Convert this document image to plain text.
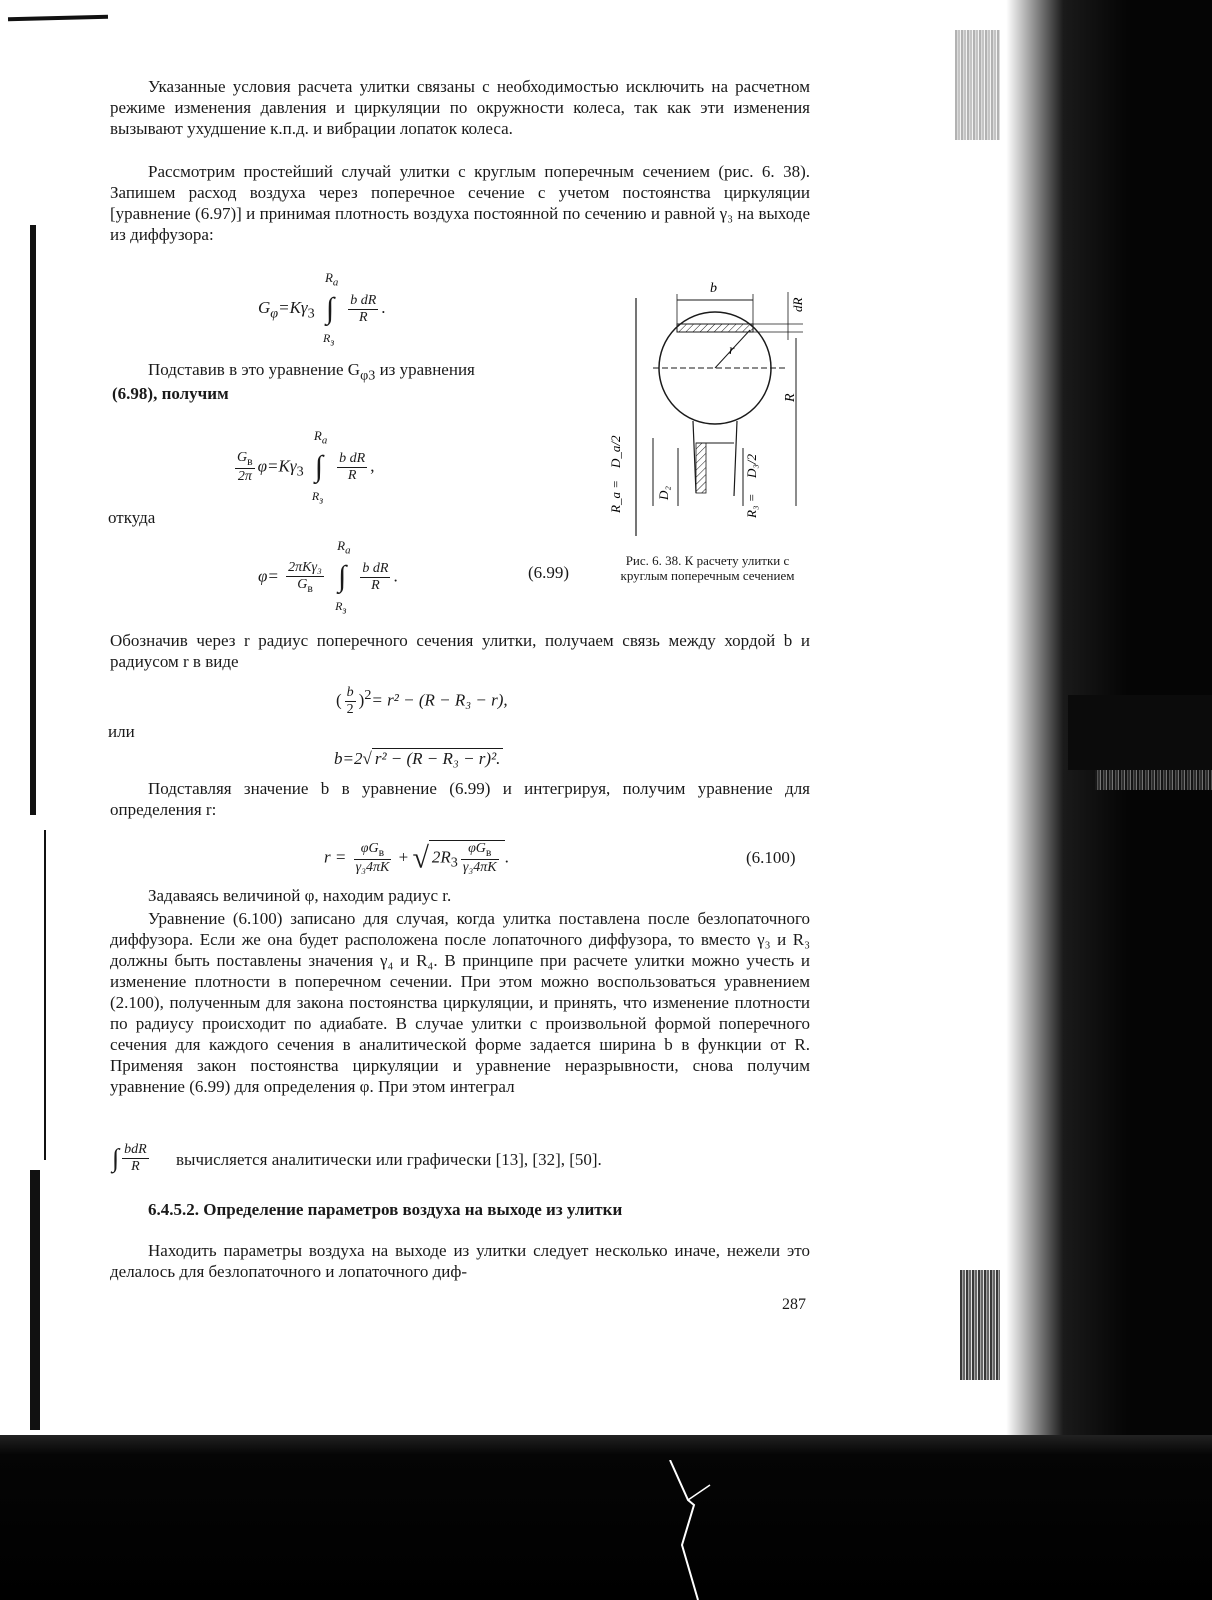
Указанные условия расчета улитки связаны с необходимостью исключить на расчетном режиме изменения давления и циркуляции по окружности колеса, так как эти изменения вызывают ухудшение к.п.д. и вибрации лопаток колеса.
Рассмотрим простейший случай улитки с круглым поперечным сечением (рис. 6. 38). Запишем расход воздуха через поперечное сечение с учетом постоянства циркуляции [уравнение (6.97)] и принимая плотность воздуха постоянной по сечению и равной γ₃ на выходе из диффузора:
$G_\varphi=K\gamma_3$ ∫
$R_a$
$R_з$

$\frac{\text{b dR}}{R}$ .
Подставив в это уравнение $G_{\varphi 3}$ из уравнения
(6.98), получим
$\frac{G_в}{2\pi} \varphi=K\gamma_3$ ∫
$R_a$
$R_з$

$\frac{\text{b dR}}{R}$ ,
откуда
$\varphi= \frac{\text{2πKγ₃}}{G_в}$ ∫
$R_a$
$R_з$

$\frac{\text{b dR}}{R}$ .	(6.99)
b
r
dR
R
D_a/2
R_a =	D₂
D₃/2
R₃ =
Рис. 6. 38. К расчету улитки с круглым поперечным сечением
Обозначив через r радиус поперечного сечения улитки, получаем связь между хордой b и радиусом r в виде
( $\frac{b}{2} )^2= r^2 - (R - R_3 - r)$,
или
b=2√ r² − (R − R₃ − r)².
Подставляя значение b в уравнение (6.99) и интегрируя, получим уравнение для определения r:
$r = \frac{\varphi G_в}{\text{γ₃4πK}}$ + √ $2R_3 \frac{\varphi G_в}{\text{γ₃4πK}}$ .	(6.100)
Задаваясь величиной φ, находим радиус r.
Уравнение (6.100) записано для случая, когда улитка поставлена после безлопаточного диффузора. Если же она будет расположена после лопаточного диффузора, то вместо γ₃ и R₃ должны быть поставлены значения γ₄ и R₄. В принципе при расчете улитки можно учесть и изменение плотности в поперечном сечении. При этом можно воспользоваться уравнением (2.100), полученным для закона постоянства циркуляции, и принять, что изменение плотности по радиусу происходит по адиабате. В случае улитки с произвольной формой поперечного сечения для каждого сечения в аналитической форме задается ширина b в функции от R. Применяя закон постоянства циркуляции и уравнение неразрывности, снова получим уравнение (6.99) для определения φ. При этом интеграл
∫ $\frac{\text{bdR}}{R}$ вычисляется аналитически или графически [13], [32], [50].
6.4.5.2. Определение параметров воздуха на выходе из улитки
Находить параметры воздуха на выходе из улитки следует несколько иначе, нежели это делалось для безлопаточного и лопаточного диф-
287
